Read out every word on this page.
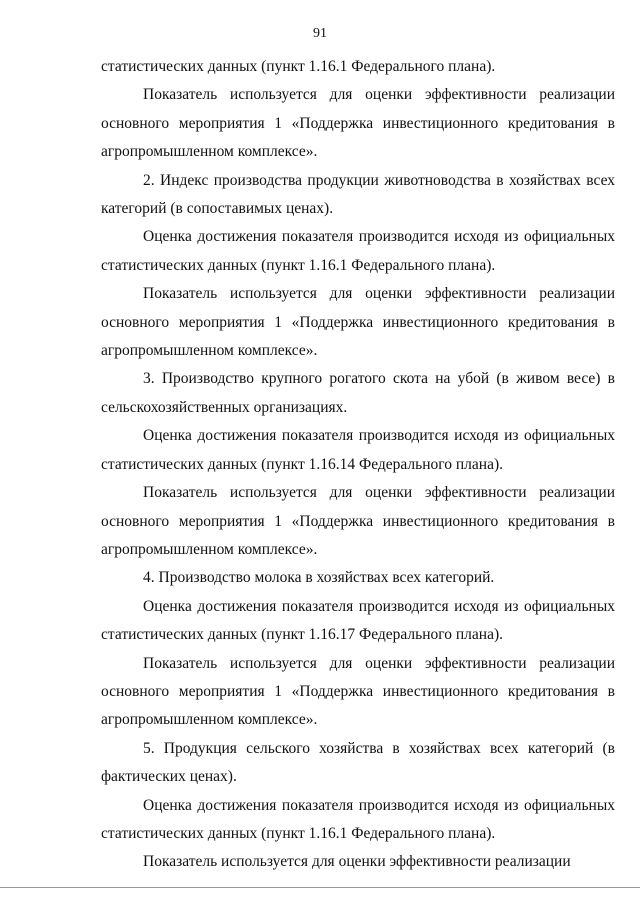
91

статистических данных (пункт 1.16.1 Федерального плана).

Показатель используется для оценки эффективности реализации основного мероприятия 1 «Поддержка инвестиционного кредитования в агропромышленном комплексе».

2. Индекс производства продукции животноводства в хозяйствах всех категорий (в сопоставимых ценах).

Оценка достижения показателя производится исходя из официальных статистических данных (пункт 1.16.1 Федерального плана).

Показатель используется для оценки эффективности реализации основного мероприятия 1 «Поддержка инвестиционного кредитования в агропромышленном комплексе».

3. Производство крупного рогатого скота на убой (в живом весе) в сельскохозяйственных организациях.

Оценка достижения показателя производится исходя из официальных статистических данных (пункт 1.16.14 Федерального плана).

Показатель используется для оценки эффективности реализации основного мероприятия 1 «Поддержка инвестиционного кредитования в агропромышленном комплексе».

4. Производство молока в хозяйствах всех категорий.

Оценка достижения показателя производится исходя из официальных статистических данных (пункт 1.16.17 Федерального плана).

Показатель используется для оценки эффективности реализации основного мероприятия 1 «Поддержка инвестиционного кредитования в агропромышленном комплексе».

5. Продукция сельского хозяйства в хозяйствах всех категорий (в фактических ценах).

Оценка достижения показателя производится исходя из официальных статистических данных (пункт 1.16.1 Федерального плана).

Показатель используется для оценки эффективности реализации
